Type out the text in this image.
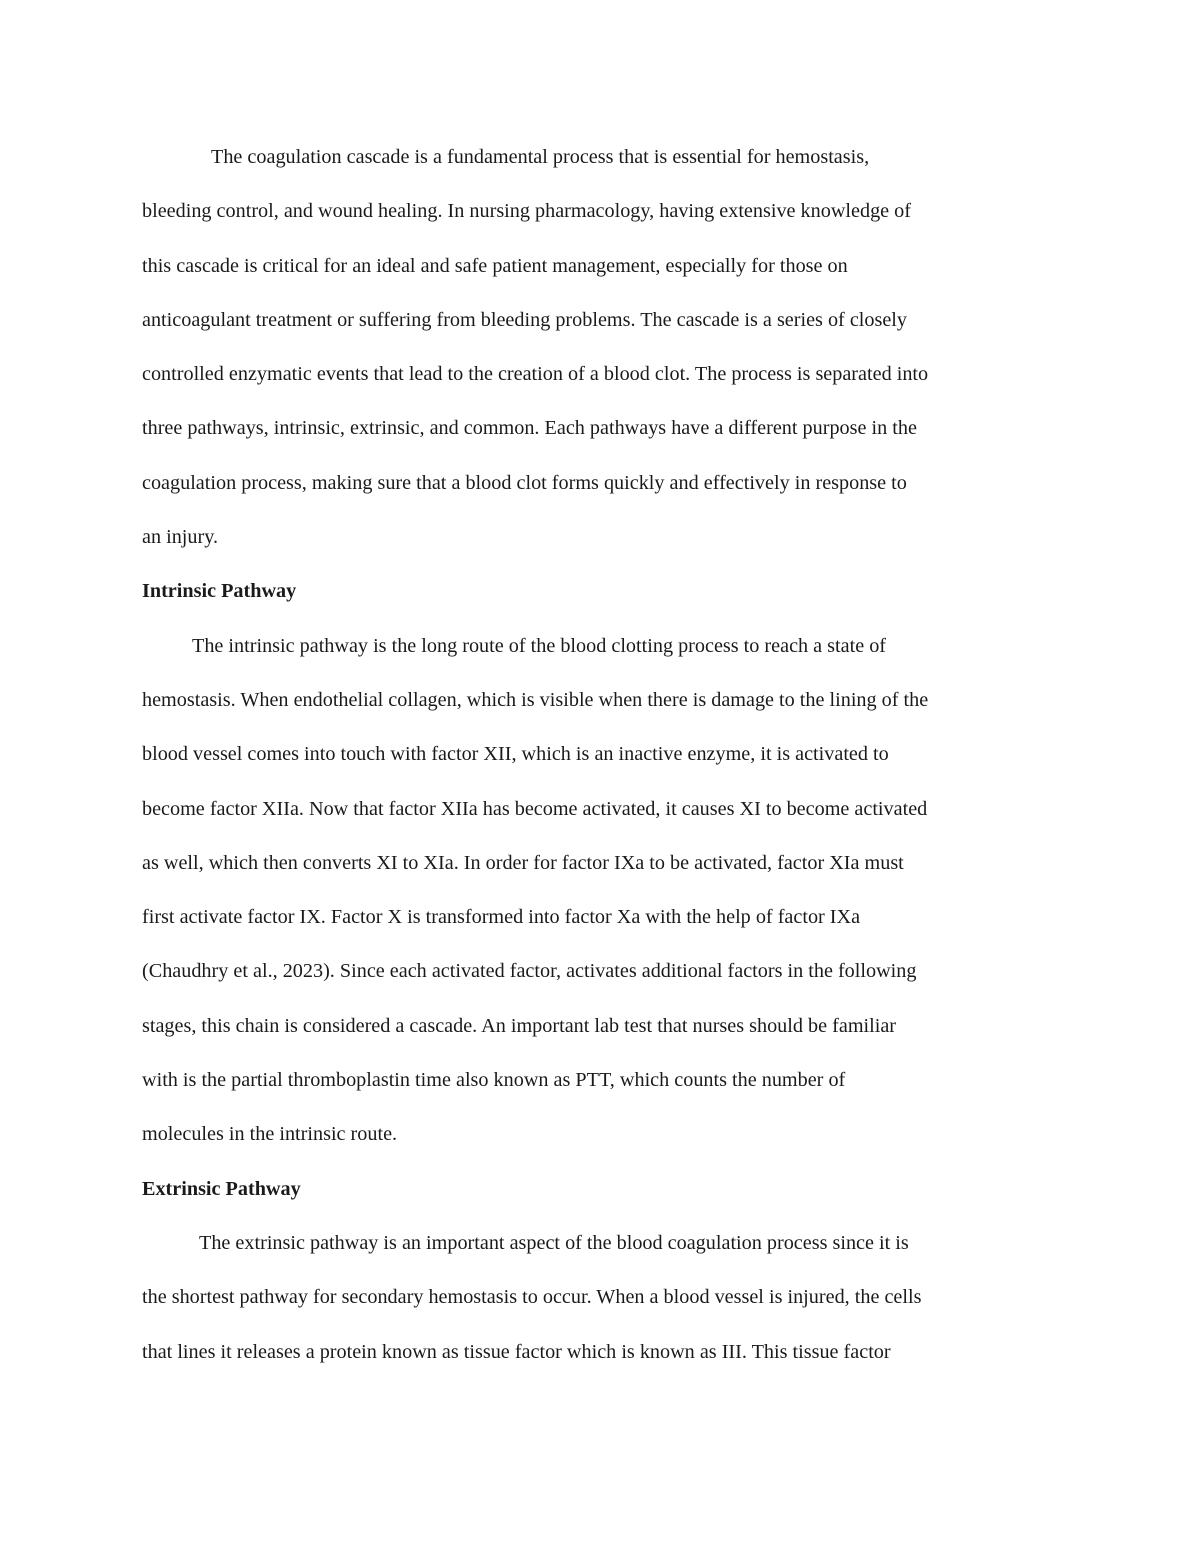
The coagulation cascade is a fundamental process that is essential for hemostasis,
bleeding control, and wound healing. In nursing pharmacology, having extensive knowledge of
this cascade is critical for an ideal and safe patient management, especially for those on
anticoagulant treatment or suffering from bleeding problems. The cascade is a series of closely
controlled enzymatic events that lead to the creation of a blood clot. The process is separated into
three pathways, intrinsic, extrinsic, and common. Each pathways have a different purpose in the
coagulation process, making sure that a blood clot forms quickly and effectively in response to
an injury.
Intrinsic Pathway
The intrinsic pathway is the long route of the blood clotting process to reach a state of
hemostasis. When endothelial collagen, which is visible when there is damage to the lining of the
blood vessel comes into touch with factor XII, which is an inactive enzyme, it is activated to
become factor XIIa. Now that factor XIIa has become activated, it causes XI to become activated
as well, which then converts XI to XIa. In order for factor IXa to be activated, factor XIa must
first activate factor IX. Factor X is transformed into factor Xa with the help of factor IXa
(Chaudhry et al., 2023). Since each activated factor, activates additional factors in the following
stages, this chain is considered a cascade. An important lab test that nurses should be familiar
with is the partial thromboplastin time also known as PTT, which counts the number of
molecules in the intrinsic route.
Extrinsic Pathway
The extrinsic pathway is an important aspect of the blood coagulation process since it is
the shortest pathway for secondary hemostasis to occur. When a blood vessel is injured, the cells
that lines it releases a protein known as tissue factor which is known as III. This tissue factor
